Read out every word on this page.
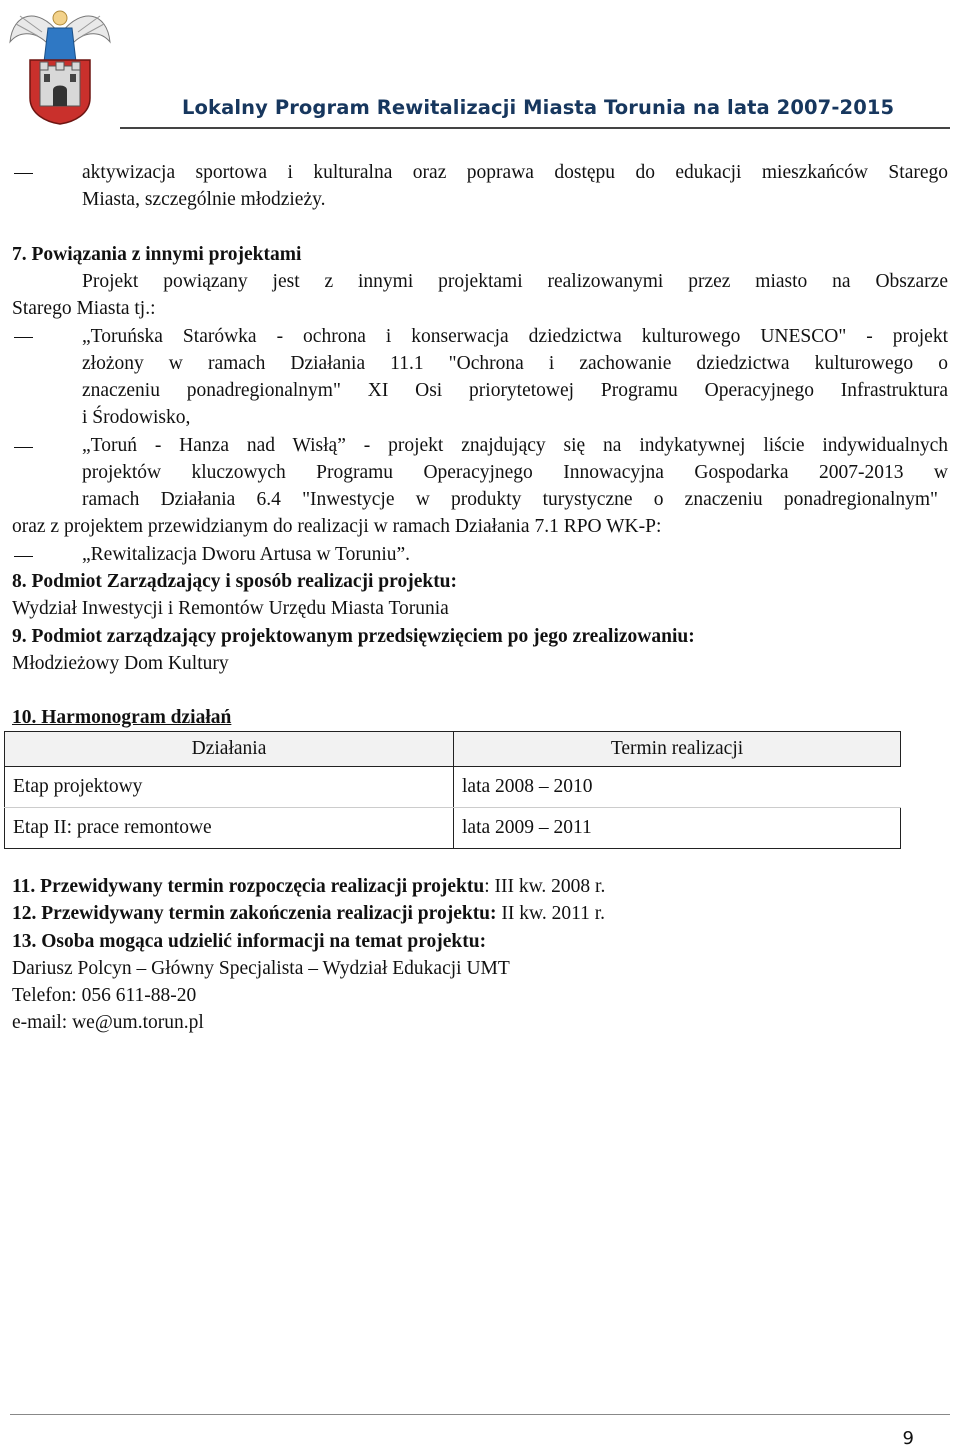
Lokalny Program Rewitalizacji Miasta Torunia na lata 2007-2015
aktywizacja sportowa i kulturalna oraz poprawa dostępu do edukacji mieszkańców Starego
Miasta, szczególnie młodzieży.
7. Powiązania z innymi projektami
Projekt powiązany jest z innymi projektami realizowanymi przez miasto na Obszarze
Starego Miasta tj.:
„Toruńska Starówka - ochrona i konserwacja dziedzictwa kulturowego UNESCO" - projekt
złożony w ramach Działania 11.1 "Ochrona i zachowanie dziedzictwa kulturowego o
znaczeniu ponadregionalnym" XI Osi priorytetowej Programu Operacyjnego Infrastruktura
i Środowisko,
„Toruń - Hanza nad Wisłą” - projekt znajdujący się na indykatywnej liście indywidualnych
projektów kluczowych Programu Operacyjnego Innowacyjna Gospodarka 2007-2013 w
ramach Działania 6.4 "Inwestycje w produkty turystyczne o znaczeniu ponadregionalnym"
oraz z projektem przewidzianym do realizacji w ramach Działania 7.1 RPO WK-P:
„Rewitalizacja Dworu Artusa w Toruniu”.
8. Podmiot Zarządzający i sposób realizacji projektu:
Wydział Inwestycji i Remontów Urzędu Miasta Torunia
9. Podmiot zarządzający projektowanym przedsięwzięciem po jego zrealizowaniu:
Młodzieżowy Dom Kultury
10. Harmonogram działań
Działania	Termin realizacji
Etap projektowy	lata 2008 – 2010
Etap II: prace remontowe	lata 2009 – 2011
11. Przewidywany termin rozpoczęcia realizacji projektu: III kw. 2008 r.
12. Przewidywany termin zakończenia realizacji projektu: II kw. 2011 r.
13. Osoba mogąca udzielić informacji na temat projektu:
Dariusz Polcyn – Główny Specjalista – Wydział Edukacji UMT
Telefon: 056 611-88-20
e-mail: we@um.torun.pl
9
